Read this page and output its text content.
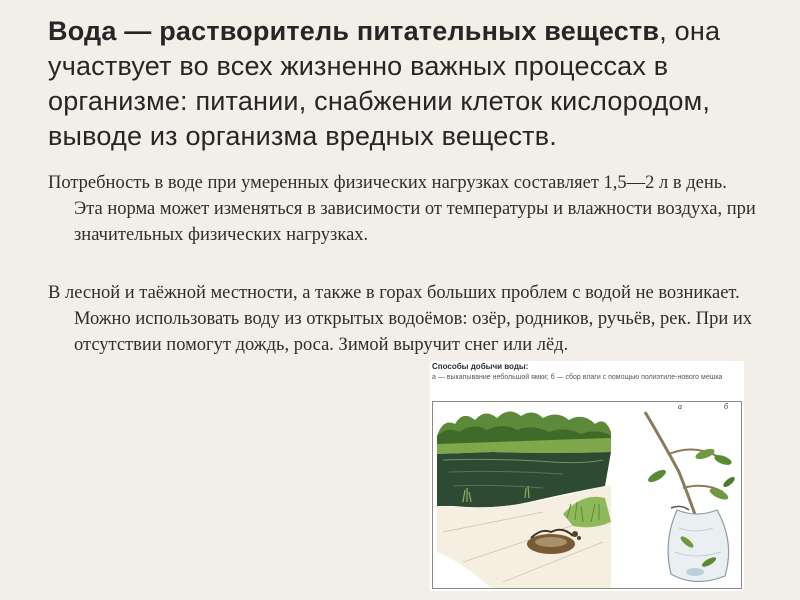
Вода — растворитель питательных веществ, она участвует во всех жизненно важных процессах в организме: питании, снабжении клеток кислородом, выводе из организма вредных веществ.

Потребность в воде при умеренных физических нагрузках составляет 1,5—2 л в день. Эта норма может изменяться в зависимости от температуры и влажности воздуха, при значительных физических нагрузках.

В лесной и таёжной местности, а также в горах больших проблем с водой не возникает. Можно использовать воду из открытых водоёмов: озёр, родников, ручьёв, рек. При их отсутствии помогут дождь, роса. Зимой выручит снег или лёд.

Способы добычи воды:
а — выкапывание небольшой ямки; б — сбор влаги с помощью полиэтиле-нового мешка
а	б
